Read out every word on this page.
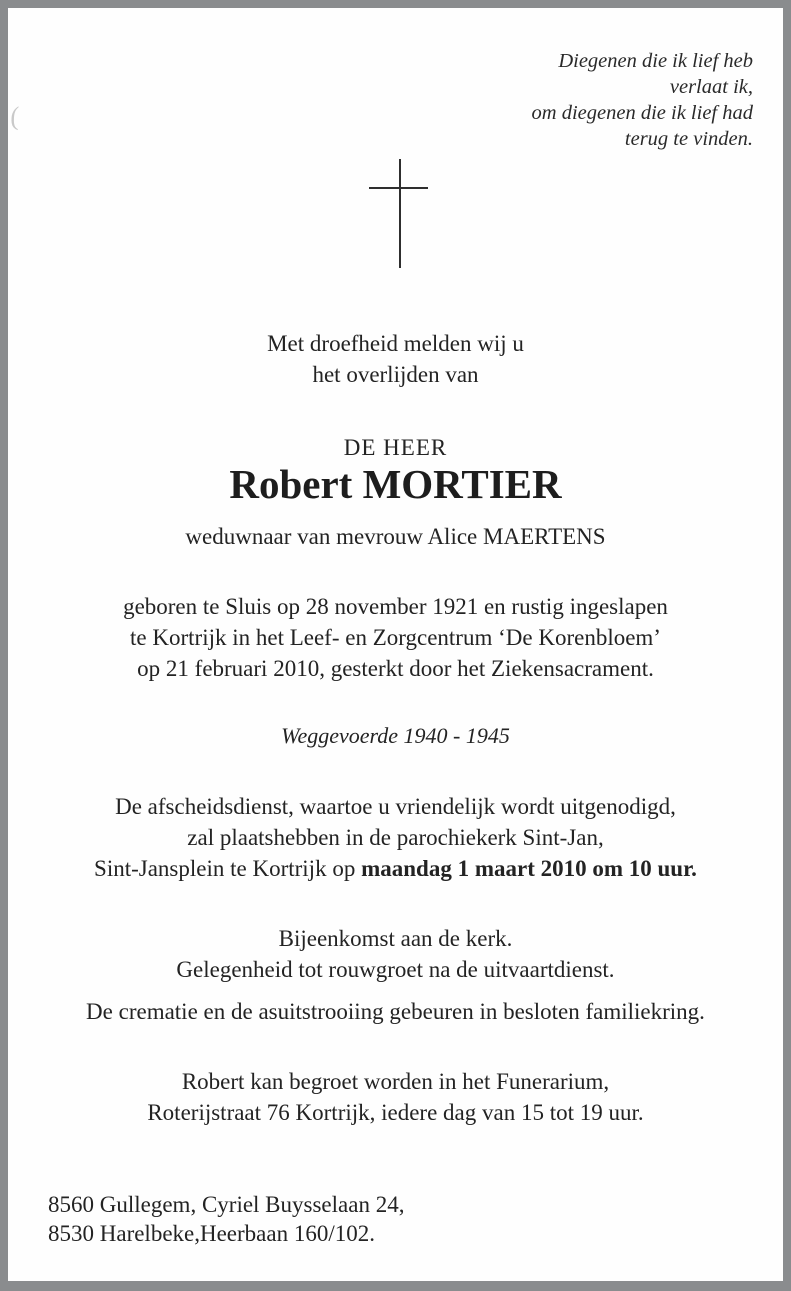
Diegenen die ik lief heb
verlaat ik,
om diegenen die ik lief had
terug te vinden.
(
Met droefheid melden wij u
het overlijden van
DE HEER
Robert MORTIER
weduwnaar van mevrouw Alice MAERTENS
geboren te Sluis op 28 november 1921 en rustig ingeslapen
te Kortrijk in het Leef- en Zorgcentrum ‘De Korenbloem’
op 21 februari 2010, gesterkt door het Ziekensacrament.
Weggevoerde 1940 - 1945
De afscheidsdienst, waartoe u vriendelijk wordt uitgenodigd,
zal plaatshebben in de parochiekerk Sint-Jan,
Sint-Jansplein te Kortrijk op maandag 1 maart 2010 om 10 uur.
Bijeenkomst aan de kerk.
Gelegenheid tot rouwgroet na de uitvaartdienst.
De crematie en de asuitstrooiing gebeuren in besloten familiekring.
Robert kan begroet worden in het Funerarium,
Roterijstraat 76 Kortrijk, iedere dag van 15 tot 19 uur.
8560 Gullegem, Cyriel Buysselaan 24,
8530 Harelbeke,Heerbaan 160/102.
